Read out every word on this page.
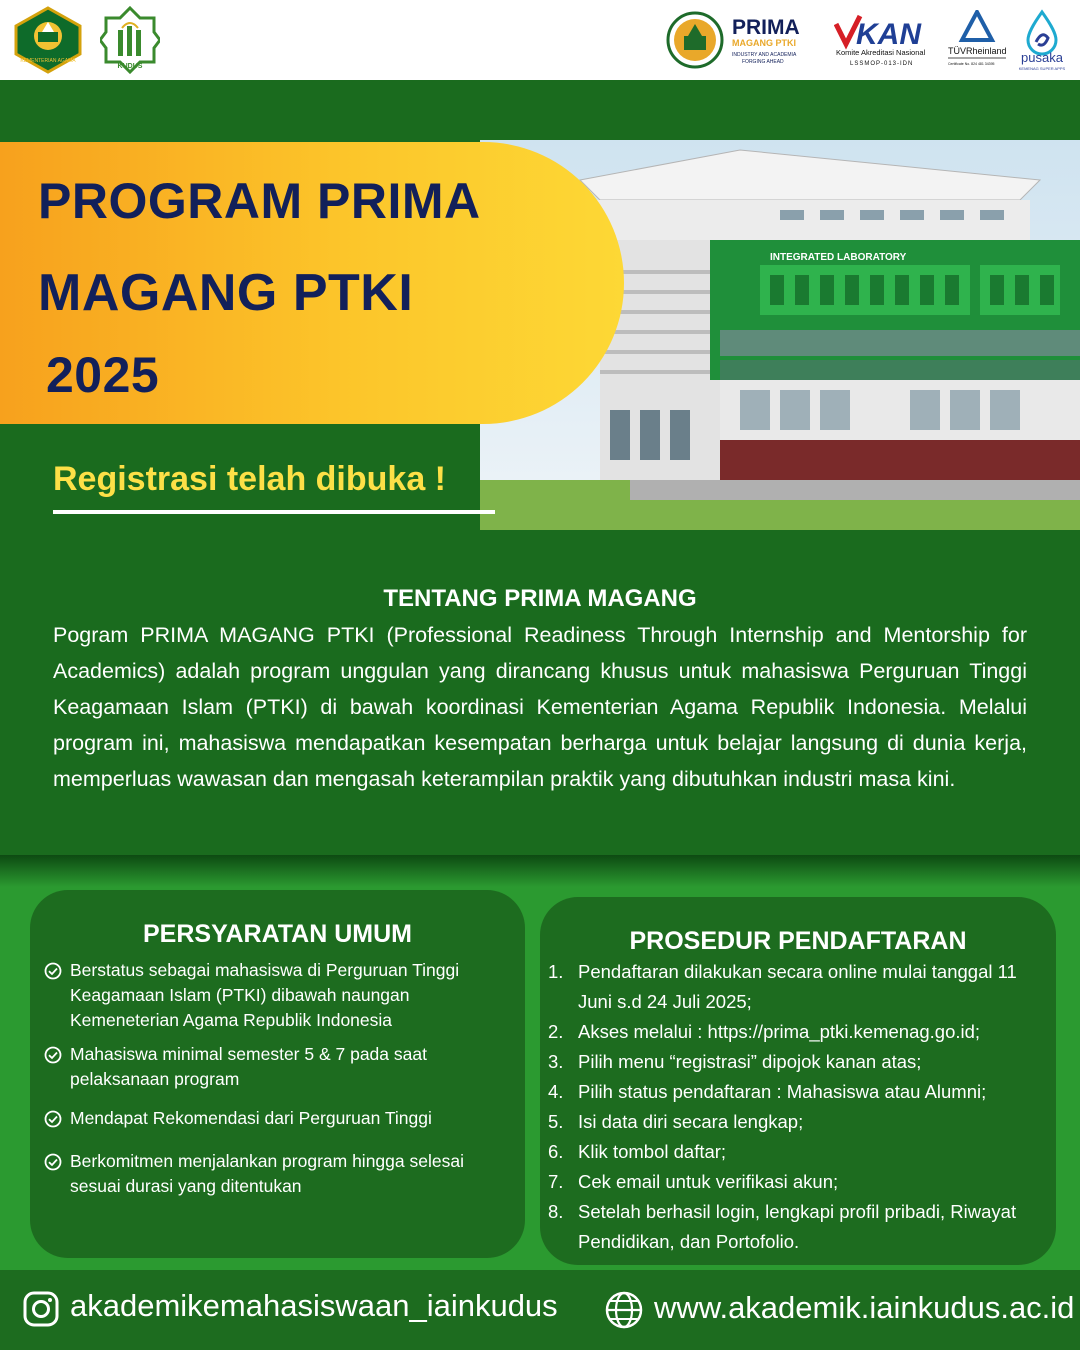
KEMENTERIAN AGAMA
KUDUS
PRIMA
MAGANG PTKI
INDUSTRY AND ACADEMIA
FORGING AHEAD
KAN
Komite Akreditasi Nasional
LSSMOP-013-IDN
TÜVRheinland
Certificate No. 824 481 34395 pusaka
KEMENAG SUPER APPS
INTEGRATED LABORATORY
PROGRAM PRIMA
MAGANG PTKI
2025
Registrasi telah dibuka !
TENTANG PRIMA MAGANG

Pogram PRIMA MAGANG PTKI (Professional Readiness Through Internship and Mentorship for Academics) adalah program unggulan yang dirancang khusus untuk mahasiswa Perguruan Tinggi Keagamaan Islam (PTKI) di bawah koordinasi Kementerian Agama Republik Indonesia. Melalui program ini, mahasiswa mendapatkan kesempatan berharga untuk belajar langsung di dunia kerja, memperluas wawasan dan mengasah keterampilan praktik yang dibutuhkan industri masa kini.

PERSYARATAN UMUM
Berstatus sebagai mahasiswa di Perguruan Tinggi Keagamaan Islam (PTKI) dibawah naungan Kemeneterian Agama Republik Indonesia
Mahasiswa minimal semester 5 & 7 pada saat pelaksanaan program
Mendapat Rekomendasi dari Perguruan Tinggi
Berkomitmen menjalankan program hingga selesai sesuai durasi yang ditentukan
PROSEDUR PENDAFTARAN
1. Pendaftaran dilakukan secara online mulai tanggal 11 Juni s.d 24 Juli 2025;
2. Akses melalui : https://prima_ptki.kemenag.go.id;
3. Pilih menu “registrasi” dipojok kanan atas;
4. Pilih status pendaftaran : Mahasiswa atau Alumni;
5. Isi data diri secara lengkap;
6. Klik tombol daftar;
7. Cek email untuk verifikasi akun;
8. Setelah berhasil login, lengkapi profil pribadi, Riwayat Pendidikan, dan Portofolio.
akademikemahasiswaan_iainkudus	www.akademik.iainkudus.ac.id
